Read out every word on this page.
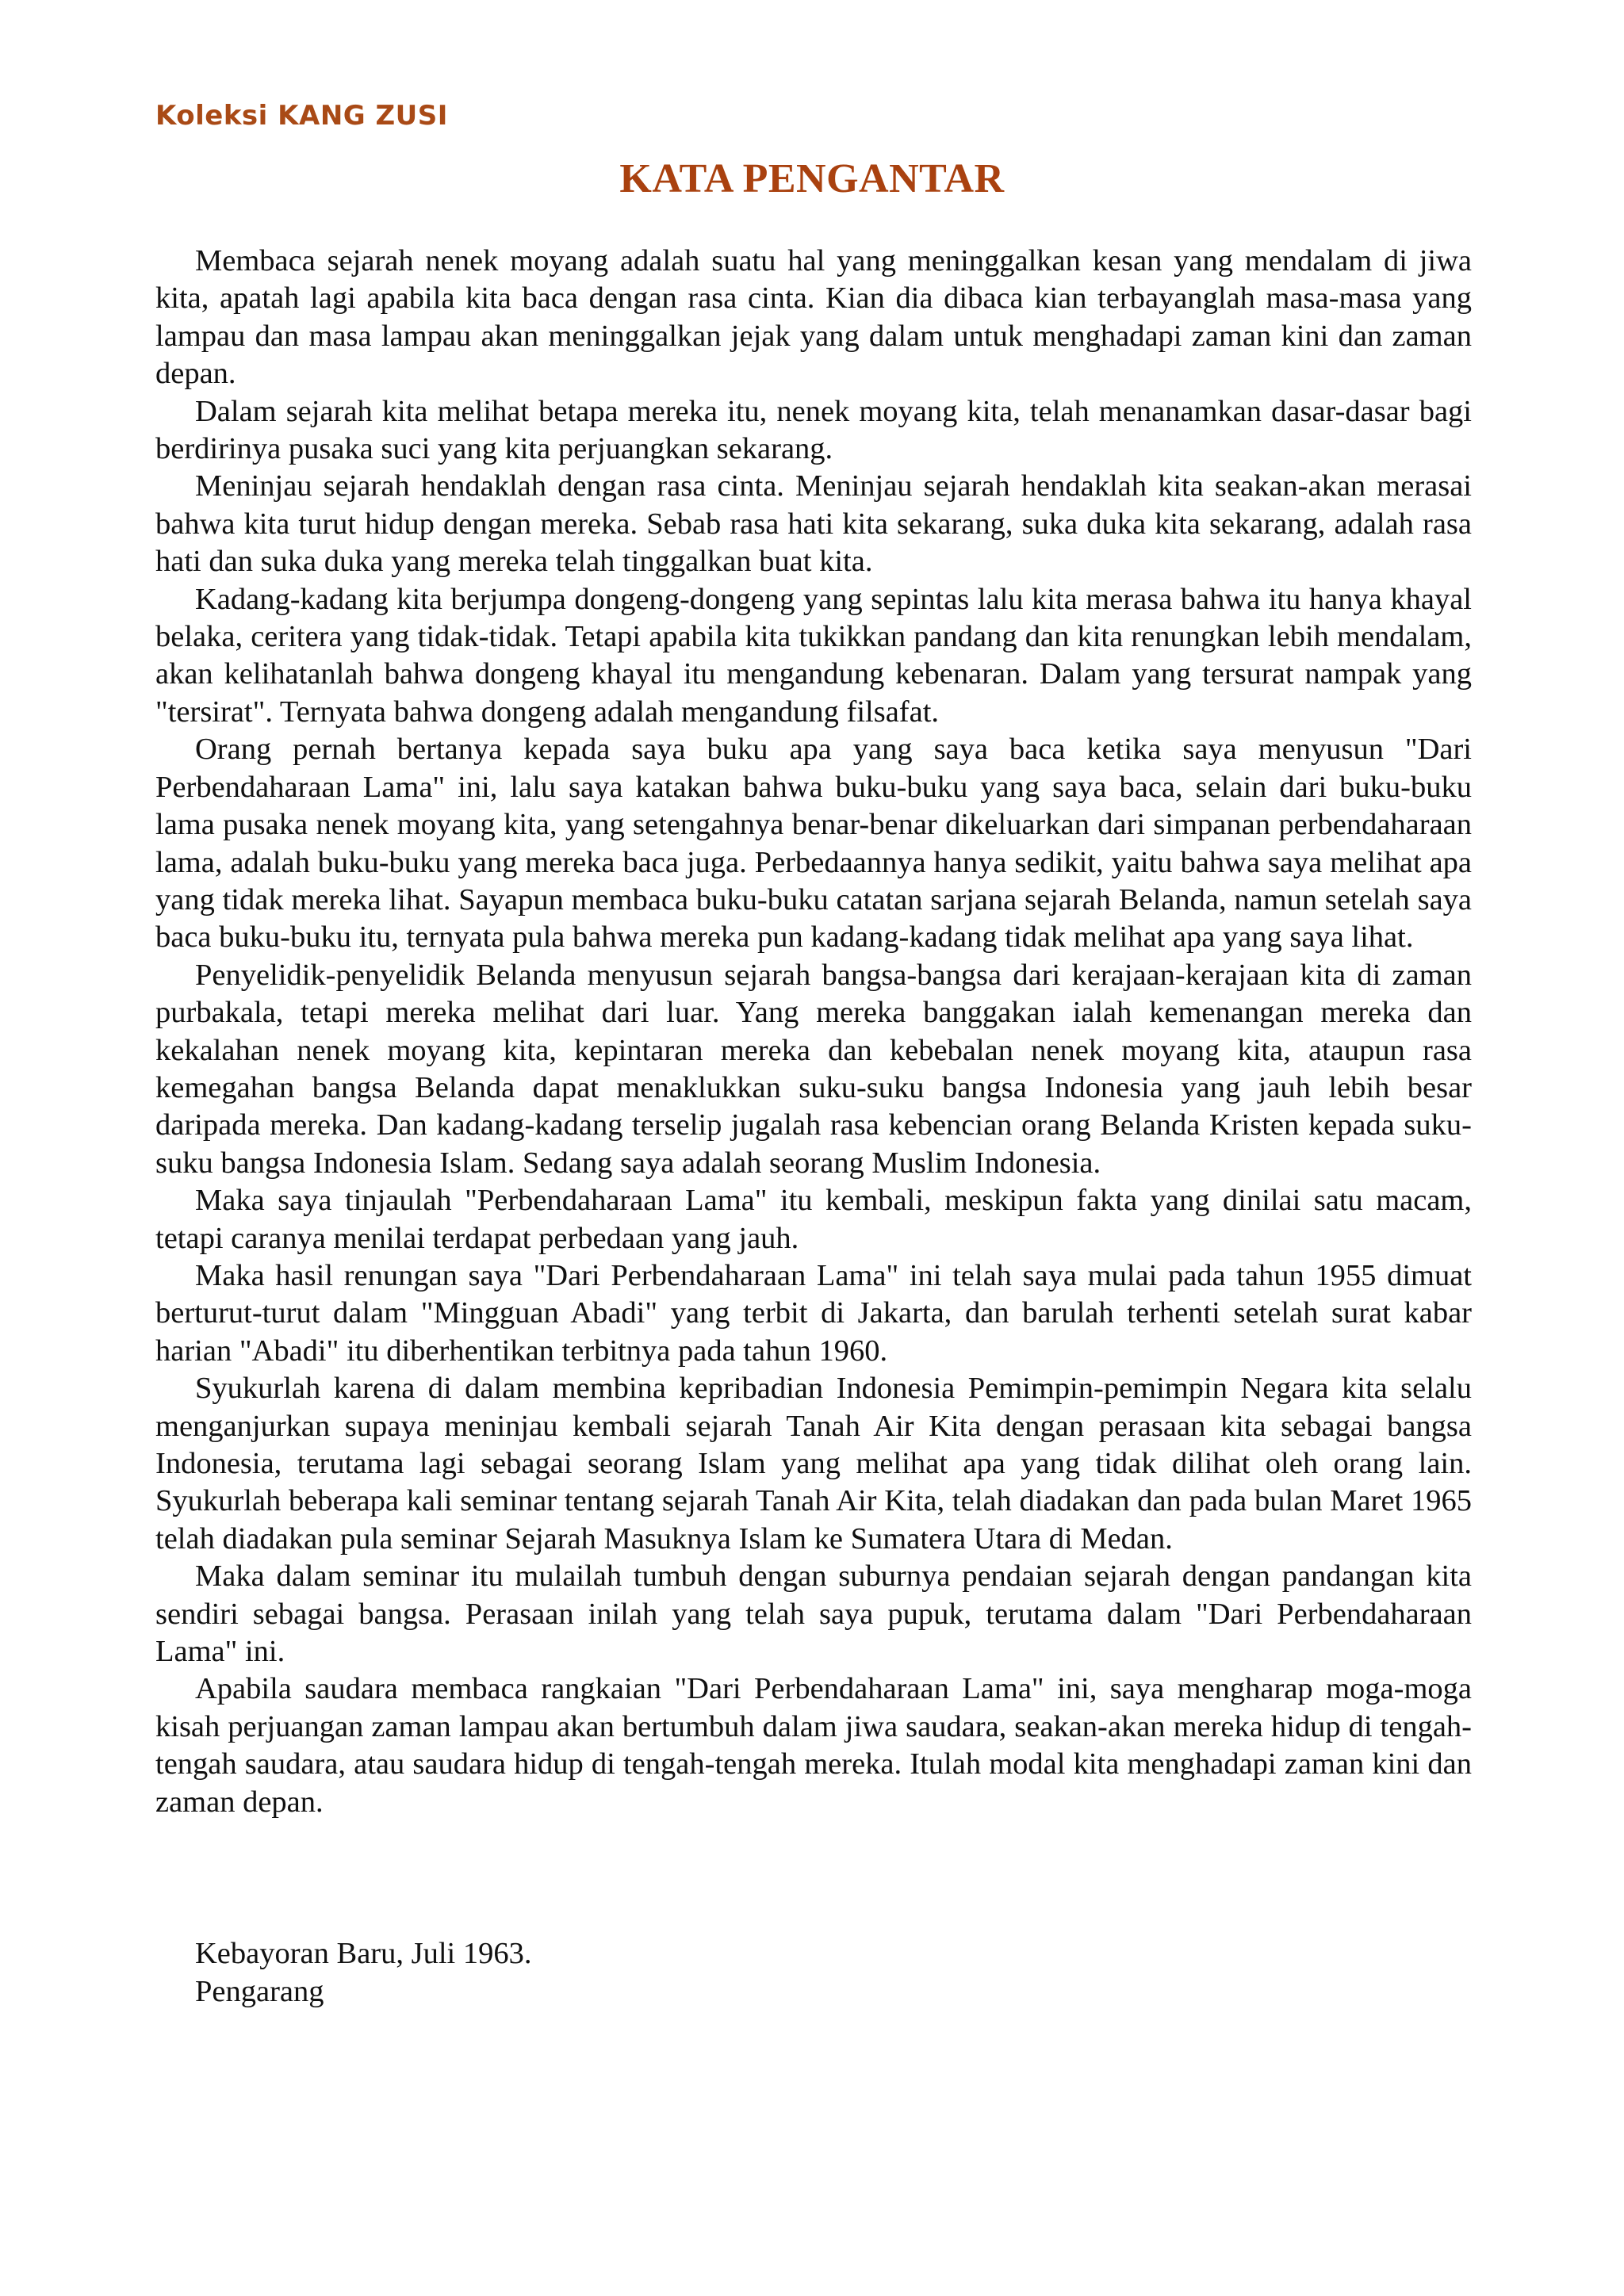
Koleksi KANG ZUSI
KATA PENGANTAR

Membaca sejarah nenek moyang adalah suatu hal yang meninggalkan kesan yang mendalam di jiwa kita, apatah lagi apabila kita baca dengan rasa cinta. Kian dia dibaca kian terbayanglah masa-masa yang lampau dan masa lampau akan meninggalkan jejak yang dalam untuk menghadapi zaman kini dan zaman depan.

Dalam sejarah kita melihat betapa mereka itu, nenek moyang kita, telah menanamkan dasar-dasar bagi berdirinya pusaka suci yang kita perjuangkan sekarang.

Meninjau sejarah hendaklah dengan rasa cinta. Meninjau sejarah hendaklah kita seakan-akan merasai bahwa kita turut hidup dengan mereka. Sebab rasa hati kita sekarang, suka duka kita sekarang, adalah rasa hati dan suka duka yang mereka telah tinggalkan buat kita.

Kadang-kadang kita berjumpa dongeng-dongeng yang sepintas lalu kita merasa bahwa itu hanya khayal belaka, ceritera yang tidak-tidak. Tetapi apabila kita tukikkan pandang dan kita renungkan lebih mendalam, akan kelihatanlah bahwa dongeng khayal itu mengandung kebenaran. Dalam yang tersurat nampak yang "tersirat". Ternyata bahwa dongeng adalah mengandung filsafat.

Orang pernah bertanya kepada saya buku apa yang saya baca ketika saya menyusun "Dari Perbendaharaan Lama" ini, lalu saya katakan bahwa buku-buku yang saya baca, selain dari buku-buku lama pusaka nenek moyang kita, yang setengahnya benar-benar dikeluarkan dari simpanan perbendaharaan lama, adalah buku-buku yang mereka baca juga. Perbedaannya hanya sedikit, yaitu bahwa saya melihat apa yang tidak mereka lihat. Sayapun membaca buku-buku catatan sarjana sejarah Belanda, namun setelah saya baca buku-buku itu, ternyata pula bahwa mereka pun kadang-kadang tidak melihat apa yang saya lihat.

Penyelidik-penyelidik Belanda menyusun sejarah bangsa-bangsa dari kerajaan-kerajaan kita di zaman purbakala, tetapi mereka melihat dari luar. Yang mereka banggakan ialah kemenangan mereka dan kekalahan nenek moyang kita, kepintaran mereka dan kebebalan nenek moyang kita, ataupun rasa kemegahan bangsa Belanda dapat menaklukkan suku-suku bangsa Indonesia yang jauh lebih besar daripada mereka. Dan kadang-kadang terselip jugalah rasa kebencian orang Belanda Kristen kepada suku-suku bangsa Indonesia Islam. Sedang saya adalah seorang Muslim Indonesia.

Maka saya tinjaulah "Perbendaharaan Lama" itu kembali, meskipun fakta yang dinilai satu macam, tetapi caranya menilai terdapat perbedaan yang jauh.

Maka hasil renungan saya "Dari Perbendaharaan Lama" ini telah saya mulai pada tahun 1955 dimuat berturut-turut dalam "Mingguan Abadi" yang terbit di Jakarta, dan barulah terhenti setelah surat kabar harian "Abadi" itu diberhentikan terbitnya pada tahun 1960.

Syukurlah karena di dalam membina kepribadian Indonesia Pemimpin-pemimpin Negara kita selalu menganjurkan supaya meninjau kembali sejarah Tanah Air Kita dengan perasaan kita sebagai bangsa Indonesia, terutama lagi sebagai seorang Islam yang melihat apa yang tidak dilihat oleh orang lain. Syukurlah beberapa kali seminar tentang sejarah Tanah Air Kita, telah diadakan dan pada bulan Maret 1965 telah diadakan pula seminar Sejarah Masuknya Islam ke Sumatera Utara di Medan.

Maka dalam seminar itu mulailah tumbuh dengan suburnya pendaian sejarah dengan pandangan kita sendiri sebagai bangsa. Perasaan inilah yang telah saya pupuk, terutama dalam "Dari Perbendaharaan Lama" ini.

Apabila saudara membaca rangkaian "Dari Perbendaharaan Lama" ini, saya mengharap moga-moga kisah perjuangan zaman lampau akan bertumbuh dalam jiwa saudara, seakan-akan mereka hidup di tengah-tengah saudara, atau saudara hidup di tengah-tengah mereka. Itulah modal kita menghadapi zaman kini dan zaman depan.

Kebayoran Baru, Juli 1963.
Pengarang
